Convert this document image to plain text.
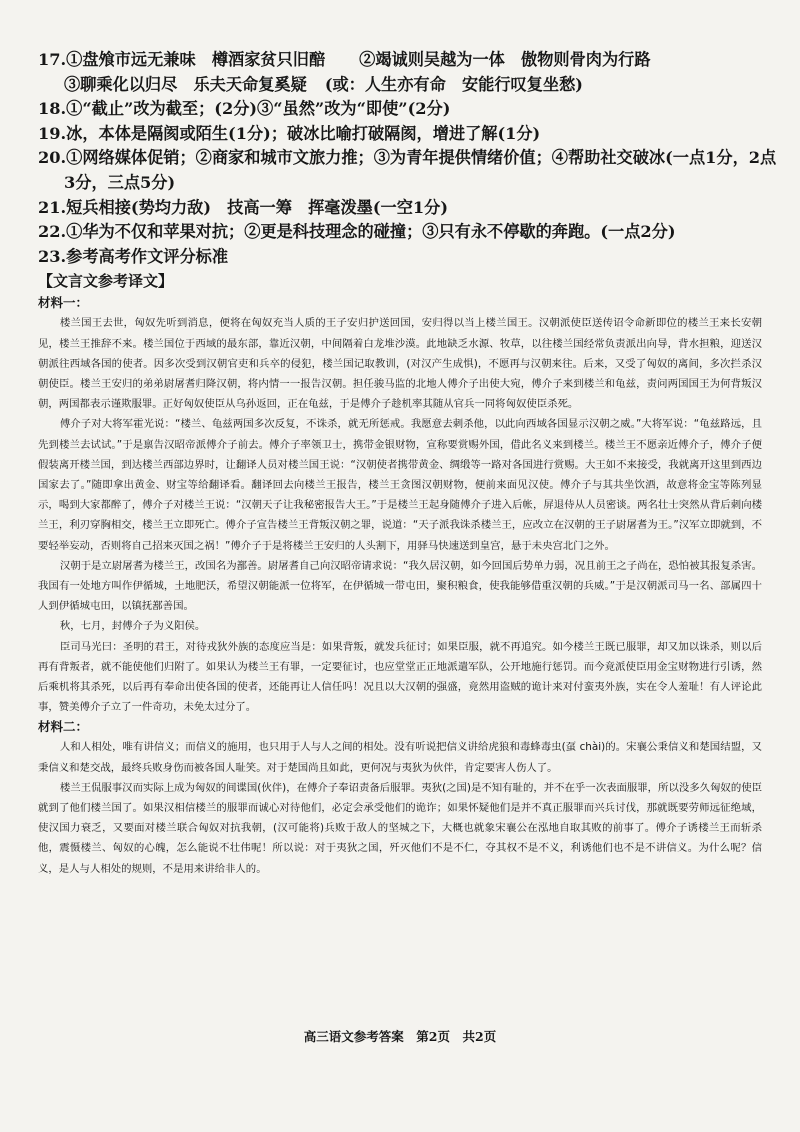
17.①盘飧市远无兼味　樽酒家贫只旧醅 ②竭诚则吴越为一体　傲物则骨肉为行路
③聊乘化以归尽　乐夫天命复奚疑 (或：人生亦有命　安能行叹复坐愁)
18.①“截止”改为截至；(2分)③“虽然”改为“即使”(2分)
19.冰，本体是隔阂或陌生(1分)；破冰比喻打破隔阂，增进了解(1分)
20.①网络媒体促销；②商家和城市文旅力推；③为青年提供情绪价值；④帮助社交破冰(一点1分，2点
3分，三点5分)
21.短兵相接(势均力敌)　技高一筹　挥毫泼墨(一空1分)
22.①华为不仅和苹果对抗；②更是科技理念的碰撞；③只有永不停歇的奔跑。(一点2分)
23.参考高考作文评分标准
【文言文参考译文】
材料一：

楼兰国王去世，匈奴先听到消息，便将在匈奴充当人质的王子安归护送回国，安归得以当上楼兰国王。汉朝派使臣送传诏令命新即位的楼兰王来长安朝见，楼兰王推辞不来。楼兰国位于西域的最东部，靠近汉朝，中间隔着白龙堆沙漠。此地缺乏水源、牧草，以往楼兰国经常负责派出向导，背水担粮，迎送汉朝派往西域各国的使者。因多次受到汉朝官吏和兵卒的侵犯，楼兰国记取教训，(对汉产生成惧)，不愿再与汉朝来往。后来，又受了匈奴的离间，多次拦杀汉朝使臣。楼兰王安归的弟弟尉屠耆归降汉朝，将内情一一报告汉朝。担任骏马监的北地人傅介子出使大宛，傅介子来到楼兰和龟兹，责问两国国王为何背叛汉朝，两国都表示谨欺服罪。正好匈奴使臣从乌孙返回，正在龟兹，于是傅介子趁机率其随从官兵一同将匈奴使臣杀死。

傅介子对大将军霍光说：“楼兰、龟兹两国多次反复，不诛杀，就无所惩戒。我愿意去刺杀他，以此向西域各国显示汉朝之威。”大将军说：“龟兹路远，且先到楼兰去试试。”于是禀告汉昭帝派傅介子前去。傅介子率领卫士，携带金银财物，宣称要赏赐外国，借此名义来到楼兰。楼兰王不愿亲近傅介子，傅介子便假装离开楼兰国，到达楼兰西部边界时，让翻译人员对楼兰国王说：“汉朝使者携带黄金、绸缎等一路对各国进行赏赐。大王如不来接受，我就离开这里到西边国家去了。”随即拿出黄金、财宝等给翻译看。翻译回去向楼兰王报告，楼兰王贪图汉朝财物，便前来面见汉使。傅介子与其共坐饮酒，故意将金宝等陈列显示，喝到大家都醉了，傅介子对楼兰王说：“汉朝天子让我秘密报告大王。”于是楼兰王起身随傅介子进入后帐，屏退侍从人员密谈。两名壮士突然从背后刺向楼兰王，利刃穿胸相交，楼兰王立即死亡。傅介子宣告楼兰王背叛汉朝之罪，说道：“天子派我诛杀楼兰王，应改立在汉朝的王子尉屠耆为王。”汉军立即就到，不要轻举妄动，否则将自己招来灭国之祸！”傅介子于是将楼兰王安归的人头割下，用驿马快速送到皇宫，悬于未央宫北门之外。

汉朝于是立尉屠耆为楼兰王，改国名为鄯善。尉屠耆自己向汉昭帝请求说：“我久居汉朝，如今回国后势单力弱，况且前王之子尚在，恐怕被其报复杀害。我国有一处地方叫作伊循城，土地肥沃，希望汉朝能派一位将军，在伊循城一带屯田，聚积粮食，使我能够借重汉朝的兵威。”于是汉朝派司马一名、部属四十人到伊循城屯田，以镇抚鄯善国。

秋，七月，封傅介子为义阳侯。

臣司马光曰：圣明的君王，对待戎狄外族的态度应当是：如果背叛，就发兵征讨；如果臣服，就不再追究。如今楼兰王既已服罪，却又加以诛杀，则以后再有背叛者，就不能使他们归附了。如果认为楼兰王有罪，一定要征讨，也应堂堂正正地派遣军队，公开地施行惩罚。而今竟派使臣用金宝财物进行引诱，然后乘机将其杀死，以后再有奉命出使各国的使者，还能再让人信任吗！况且以大汉朝的强盛，竟然用盗贼的诡计来对付蛮夷外族，实在令人羞耻！有人评论此事，赞美傅介子立了一件奇功，未免太过分了。

材料二：

人和人相处，唯有讲信义；而信义的施用，也只用于人与人之间的相处。没有听说把信义讲给虎狼和毒蜂毒虫(虿 chài)的。宋襄公秉信义和楚国结盟，又秉信义和楚交战，最终兵败身伤而被各国人耻笑。对于楚国尚且如此，更何况与夷狄为伙伴，肯定要害人伤人了。

楼兰王侃服事汉而实际上成为匈奴的间谍国(伙伴)，在傅介子奉诏责备后服罪。夷狄(之国)是不知有耻的，并不在乎一次表面服罪，所以没多久匈奴的使臣就到了他们楼兰国了。如果汉相信楼兰的服罪而诚心对待他们，必定会承受他们的诡诈；如果怀疑他们是并不真正服罪而兴兵讨伐，那就既要劳师远征绝域，使汉国力衰乏，又要面对楼兰联合匈奴对抗我朝，(汉可能将)兵败于敌人的坚城之下，大概也就象宋襄公在泓地自取其败的前事了。傅介子诱楼兰王而斩杀他，震慑楼兰、匈奴的心魄，怎么能说不壮伟呢！所以说：对于夷狄之国，歼灭他们不是不仁，夺其权不是不义，利诱他们也不是不讲信义。为什么呢？信义，是人与人相处的规则，不是用来讲给非人的。

高三语文参考答案　第2页　共2页
